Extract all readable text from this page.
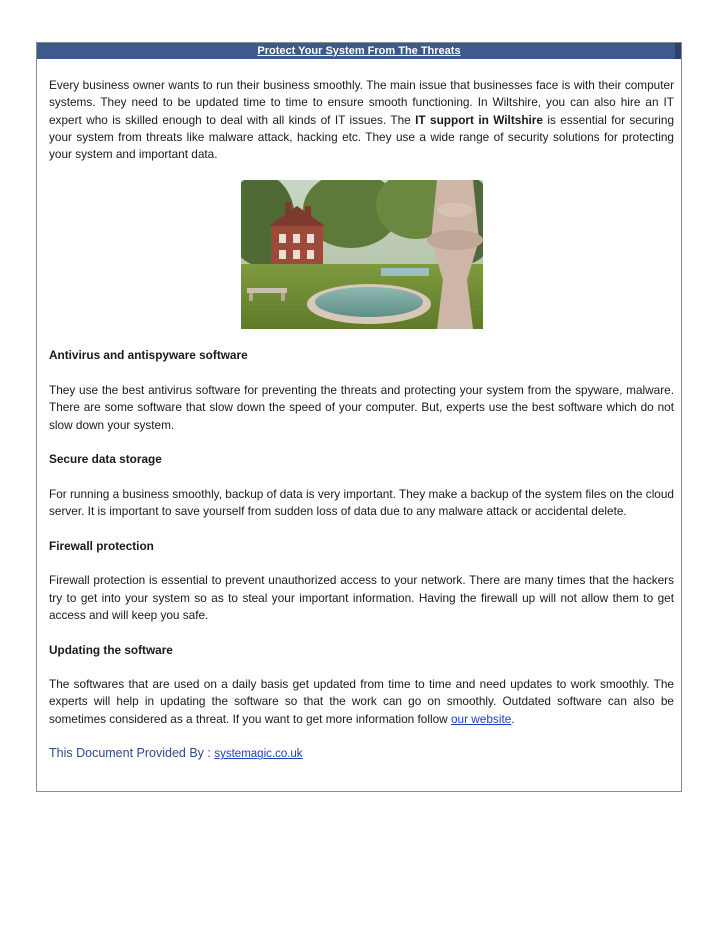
Protect Your System From The Threats

Every business owner wants to run their business smoothly. The main issue that businesses face is with their computer systems. They need to be updated time to time to ensure smooth functioning. In Wiltshire, you can also hire an IT expert who is skilled enough to deal with all kinds of IT issues. The IT support in Wiltshire is essential for securing your system from threats like malware attack, hacking etc. They use a wide range of security solutions for protecting your system and important data.

Antivirus and antispyware software

They use the best antivirus software for preventing the threats and protecting your system from the spyware, malware. There are some software that slow down the speed of your computer. But, experts use the best software which do not slow down your system.

Secure data storage

For running a business smoothly, backup of data is very important. They make a backup of the system files on the cloud server. It is important to save yourself from sudden loss of data due to any malware attack or accidental delete.

Firewall protection

Firewall protection is essential to prevent unauthorized access to your network. There are many times that the hackers try to get into your system so as to steal your important information. Having the firewall up will not allow them to get access and will keep you safe.

Updating the software

The softwares that are used on a daily basis get updated from time to time and need updates to work smoothly. The experts will help in updating the software so that the work can go on smoothly. Outdated software can also be sometimes considered as a threat. If you want to get more information follow our website.

This Document Provided By : systemagic.co.uk
